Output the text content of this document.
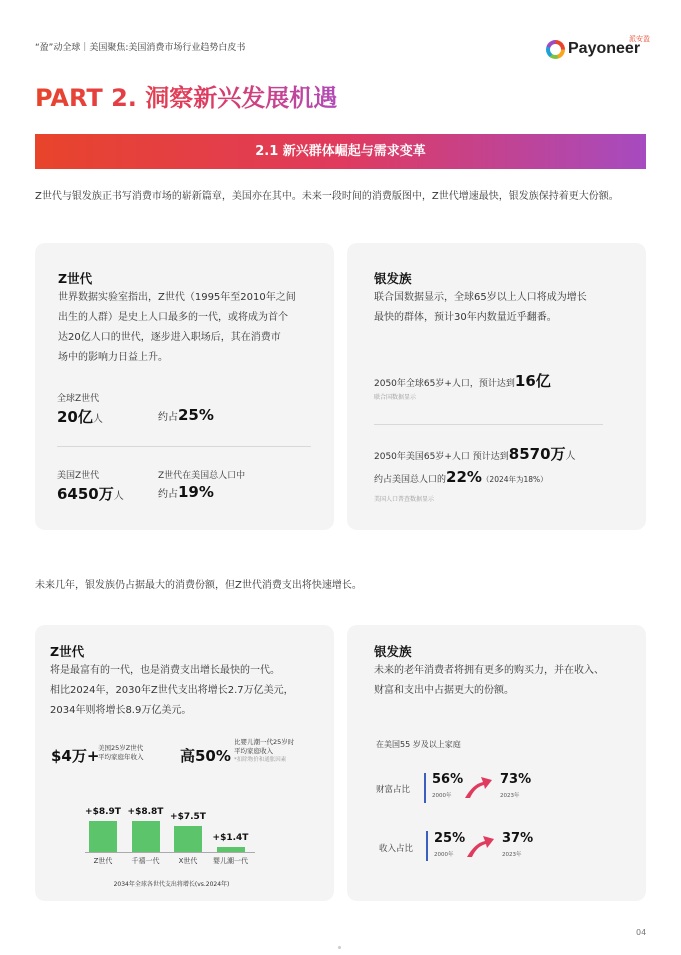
“盈”动全球｜美国聚焦:美国消费市场行业趋势白皮书
派安盈
Payoneer
PART 2. 洞察新兴发展机遇
2.1 新兴群体崛起与需求变革
Z世代与银发族正书写消费市场的崭新篇章，美国亦在其中。未来一段时间的消费版图中，Z世代增速最快，银发族保持着更大份额。
Z世代
世界数据实验室指出，Z世代（1995年至2010年之间
出生的人群）是史上人口最多的一代，或将成为首个
达20亿人口的世代，逐步进入职场后，其在消费市
场中的影响力日益上升。
全球Z世代
20亿人	约占25%
美国Z世代
6450万人
Z世代在美国总人口中
约占19%
银发族
联合国数据显示，全球65岁以上人口将成为增长
最快的群体，预计30年内数量近乎翻番。
2050年全球65岁+人口，预计达到16亿
联合国数据显示
2050年美国65岁+人口 预计达到8570万人
约占美国总人口的22%（2024年为18%）
美国人口普查数据显示
未来几年，银发族仍占据最大的消费份额，但Z世代消费支出将快速增长。
Z世代
将是最富有的一代，也是消费支出增长最快的一代。
相比2024年，2030年Z世代支出将增长2.7万亿美元，
2034年则将增长8.9万亿美元。
$4万+
美国25岁Z世代
平均家庭年收入 高50%
比婴儿潮一代25岁时
平均家庭收入
*扣除物价和通胀因素
+$8.9T
Z世代
+$8.8T
千禧一代
+$7.5T
X世代
+$1.4T
婴儿潮一代
2034年全球各世代支出将增长(vs.2024年)
银发族
未来的老年消费者将拥有更多的购买力，并在收入、
财富和支出中占据更大的份额。
在美国55 岁及以上家庭
财富占比
56%
2000年
73%
2023年
收入占比
25%
2000年
37%
2023年
04
